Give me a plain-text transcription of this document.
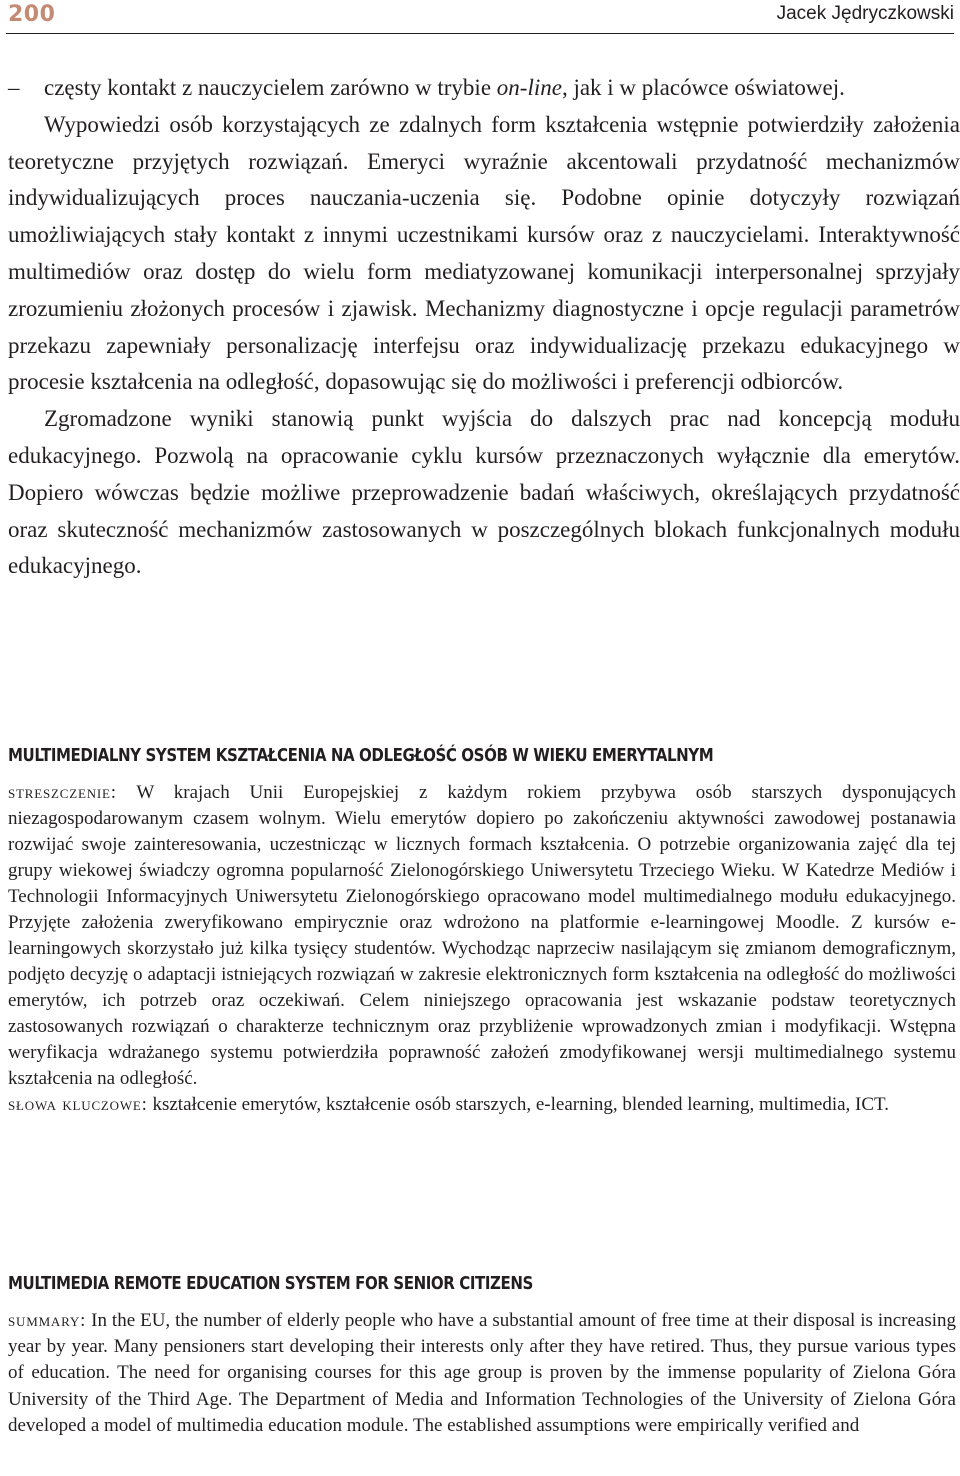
200	Jacek Jędryczkowski

– częsty kontakt z nauczycielem zarówno w trybie on-line, jak i w placówce oświatowej.

Wypowiedzi osób korzystających ze zdalnych form kształcenia wstępnie potwierdziły założenia teoretyczne przyjętych rozwiązań. Emeryci wyraźnie akcentowali przydatność mechanizmów indywidualizujących proces nauczania-uczenia się. Podobne opinie dotyczyły rozwiązań umożliwiających stały kontakt z innymi uczestnikami kursów oraz z nauczycielami. Interaktywność multimediów oraz dostęp do wielu form mediatyzowanej komunikacji interpersonalnej sprzyjały zrozumieniu złożonych procesów i zjawisk. Mechanizmy diagnostyczne i opcje regulacji parametrów przekazu zapewniały personalizację interfejsu oraz indywidualizację przekazu edukacyjnego w procesie kształcenia na odległość, dopasowując się do możliwości i preferencji odbiorców.

Zgromadzone wyniki stanowią punkt wyjścia do dalszych prac nad koncepcją modułu edukacyjnego. Pozwolą na opracowanie cyklu kursów przeznaczonych wyłącznie dla emerytów. Dopiero wówczas będzie możliwe przeprowadzenie badań właściwych, określających przydatność oraz skuteczność mechanizmów zastosowanych w poszczególnych blokach funkcjonalnych modułu edukacyjnego.

MULTIMEDIALNY SYSTEM KSZTAŁCENIA NA ODLEGŁOŚĆ OSÓB W WIEKU EMERYTALNYM

streszczenie: W krajach Unii Europejskiej z każdym rokiem przybywa osób starszych dysponujących niezagospodarowanym czasem wolnym. Wielu emerytów dopiero po zakończeniu aktywności zawodowej postanawia rozwijać swoje zainteresowania, uczestnicząc w licznych formach kształcenia. O potrzebie organizowania zajęć dla tej grupy wiekowej świadczy ogromna popularność Zielonogórskiego Uniwersytetu Trzeciego Wieku. W Katedrze Mediów i Technologii Informacyjnych Uniwersytetu Zielonogórskiego opracowano model multimedialnego modułu edukacyjnego. Przyjęte założenia zweryfikowano empirycznie oraz wdrożono na platformie e-learningowej Moodle. Z kursów e-learningowych skorzystało już kilka tysięcy studentów. Wychodząc naprzeciw nasilającym się zmianom demograficznym, podjęto decyzję o adaptacji istniejących rozwiązań w zakresie elektronicznych form kształcenia na odległość do możliwości emerytów, ich potrzeb oraz oczekiwań. Celem niniejszego opracowania jest wskazanie podstaw teoretycznych zastosowanych rozwiązań o charakterze technicznym oraz przybliżenie wprowadzonych zmian i modyfikacji. Wstępna weryfikacja wdrażanego systemu potwierdziła poprawność założeń zmodyfikowanej wersji multimedialnego systemu kształcenia na odległość.

słowa kluczowe: kształcenie emerytów, kształcenie osób starszych, e-learning, blended learning, multimedia, ICT.

MULTIMEDIA REMOTE EDUCATION SYSTEM FOR SENIOR CITIZENS

summary: In the EU, the number of elderly people who have a substantial amount of free time at their disposal is increasing year by year. Many pensioners start developing their interests only after they have retired. Thus, they pursue various types of education. The need for organising courses for this age group is proven by the immense popularity of Zielona Góra University of the Third Age. The Department of Media and Information Technologies of the University of Zielona Góra developed a model of multimedia education module. The established assumptions were empirically verified and
